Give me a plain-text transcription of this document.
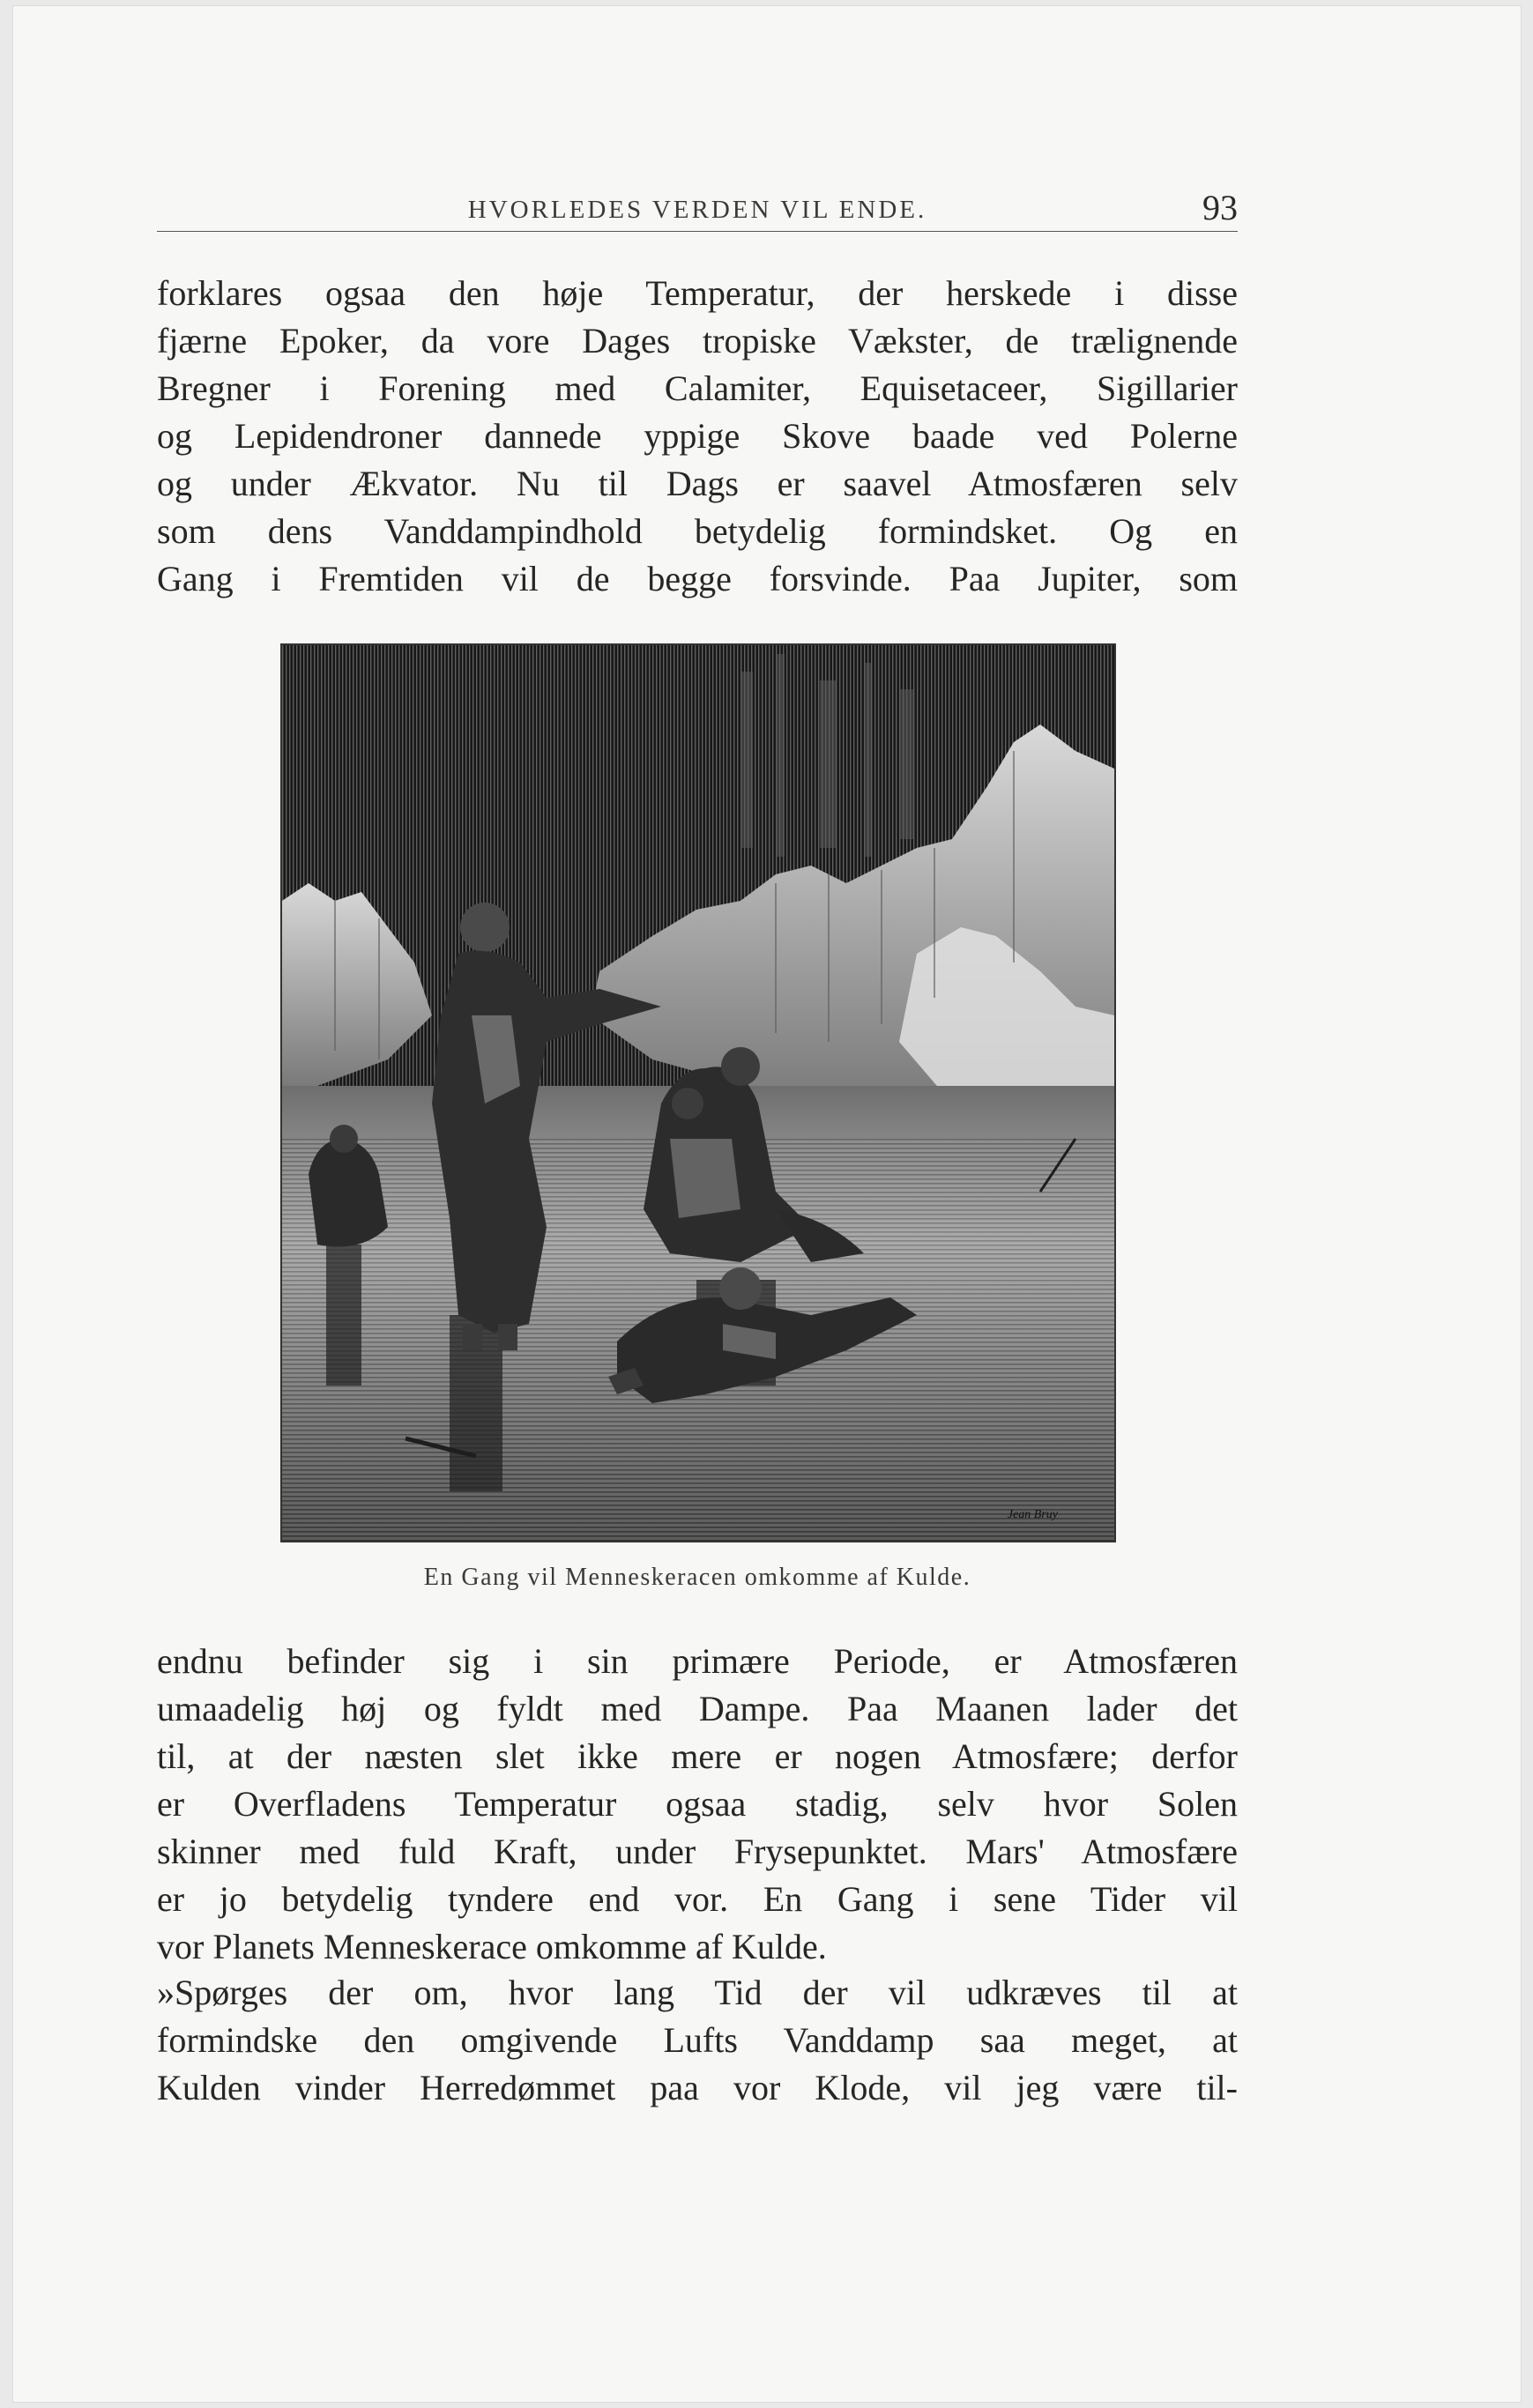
HVORLEDES VERDEN VIL ENDE.	93
forklares ogsaa den høje Temperatur, der herskede i disse
fjærne Epoker, da vore Dages tropiske Vækster, de trælignende
Bregner i Forening med Calamiter, Equisetaceer, Sigillarier
og Lepidendroner dannede yppige Skove baade ved Polerne
og under Ækvator. Nu til Dags er saavel Atmosfæren selv
som dens Vanddampindhold betydelig formindsket. Og en
Gang i Fremtiden vil de begge forsvinde. Paa Jupiter, som
Jean Bruy
En Gang vil Menneskeracen omkomme af Kulde.
endnu befinder sig i sin primære Periode, er Atmosfæren
umaadelig høj og fyldt med Dampe. Paa Maanen lader det
til, at der næsten slet ikke mere er nogen Atmosfære; derfor
er Overfladens Temperatur ogsaa stadig, selv hvor Solen
skinner med fuld Kraft, under Frysepunktet. Mars' Atmosfære
er jo betydelig tyndere end vor. En Gang i sene Tider vil
vor Planets Menneskerace omkomme af Kulde.
»Spørges der om, hvor lang Tid der vil udkræves til at
formindske den omgivende Lufts Vanddamp saa meget, at
Kulden vinder Herredømmet paa vor Klode, vil jeg være til-
